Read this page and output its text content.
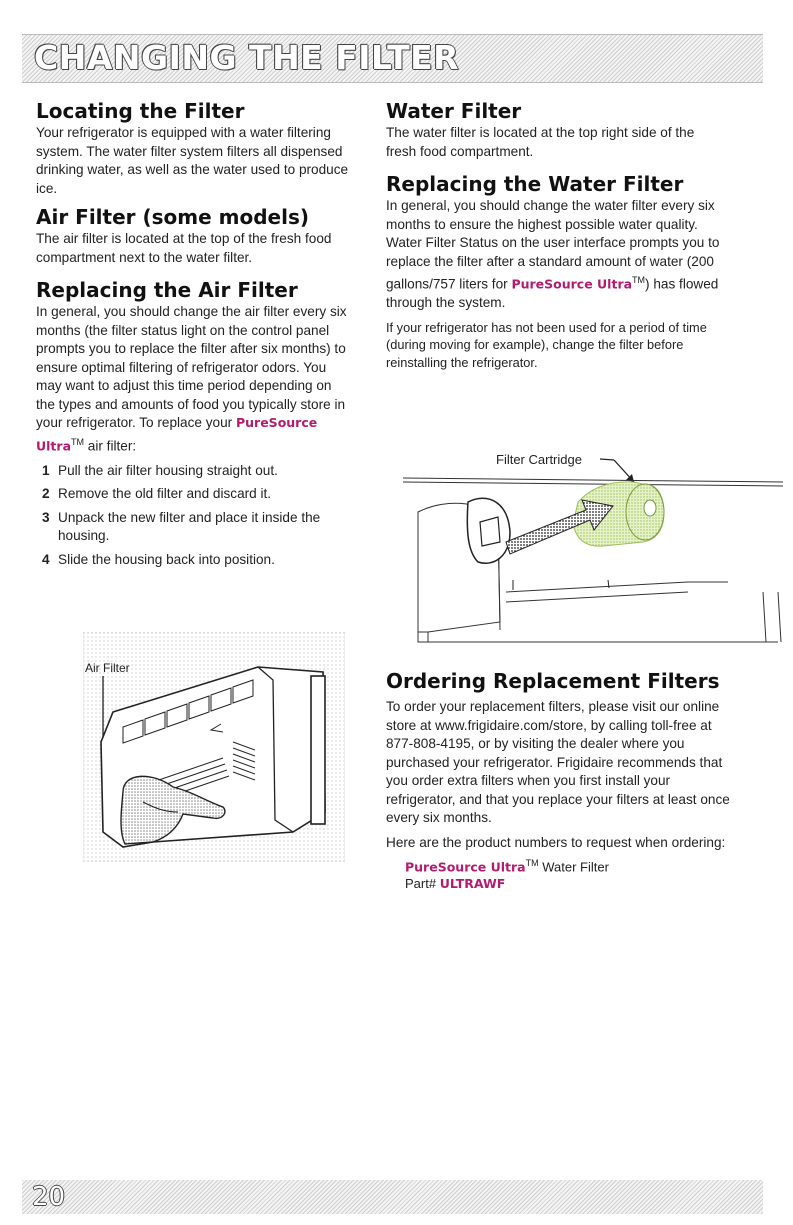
CHANGING THE FILTER
Locating the Filter

Your refrigerator is equipped with a water filtering system. The water filter system filters all dispensed drinking water, as well as the water used to produce ice.

Air Filter (some models)

The air filter is located at the top of the fresh food compartment next to the water filter.

Replacing the Air Filter

In general, you should change the air filter every six months (the filter status light on the control panel prompts you to replace the filter after six months) to ensure optimal filtering of refrigerator odors. You may want to adjust this time period depending on the types and amounts of food you typically store in your refrigerator. To replace your PureSource Ultra™ air filter:

1 Pull the air filter housing straight out.
2 Remove the old filter and discard it.
3 Unpack the new filter and place it inside the housing.
4 Slide the housing back into position.
Air Filter
Water Filter

The water filter is located at the top right side of the fresh food compartment.

Replacing the Water Filter

In general, you should change the water filter every six months to ensure the highest possible water quality. Water Filter Status on the user interface prompts you to replace the filter after a standard amount of water (200 gallons/757 liters for PureSource Ultra™) has flowed through the system.

If your refrigerator has not been used for a period of time (during moving for example), change the filter before reinstalling the refrigerator.

Filter Cartridge
Ordering Replacement Filters

To order your replacement filters, please visit our online store at www.frigidaire.com/store, by calling toll-free at 877-808-4195, or by visiting the dealer where you purchased your refrigerator. Frigidaire recommends that you order extra filters when you first install your refrigerator, and that you replace your filters at least once every six months.

Here are the product numbers to request when ordering:

PureSource Ultra™ Water Filter
Part# ULTRAWF
20
